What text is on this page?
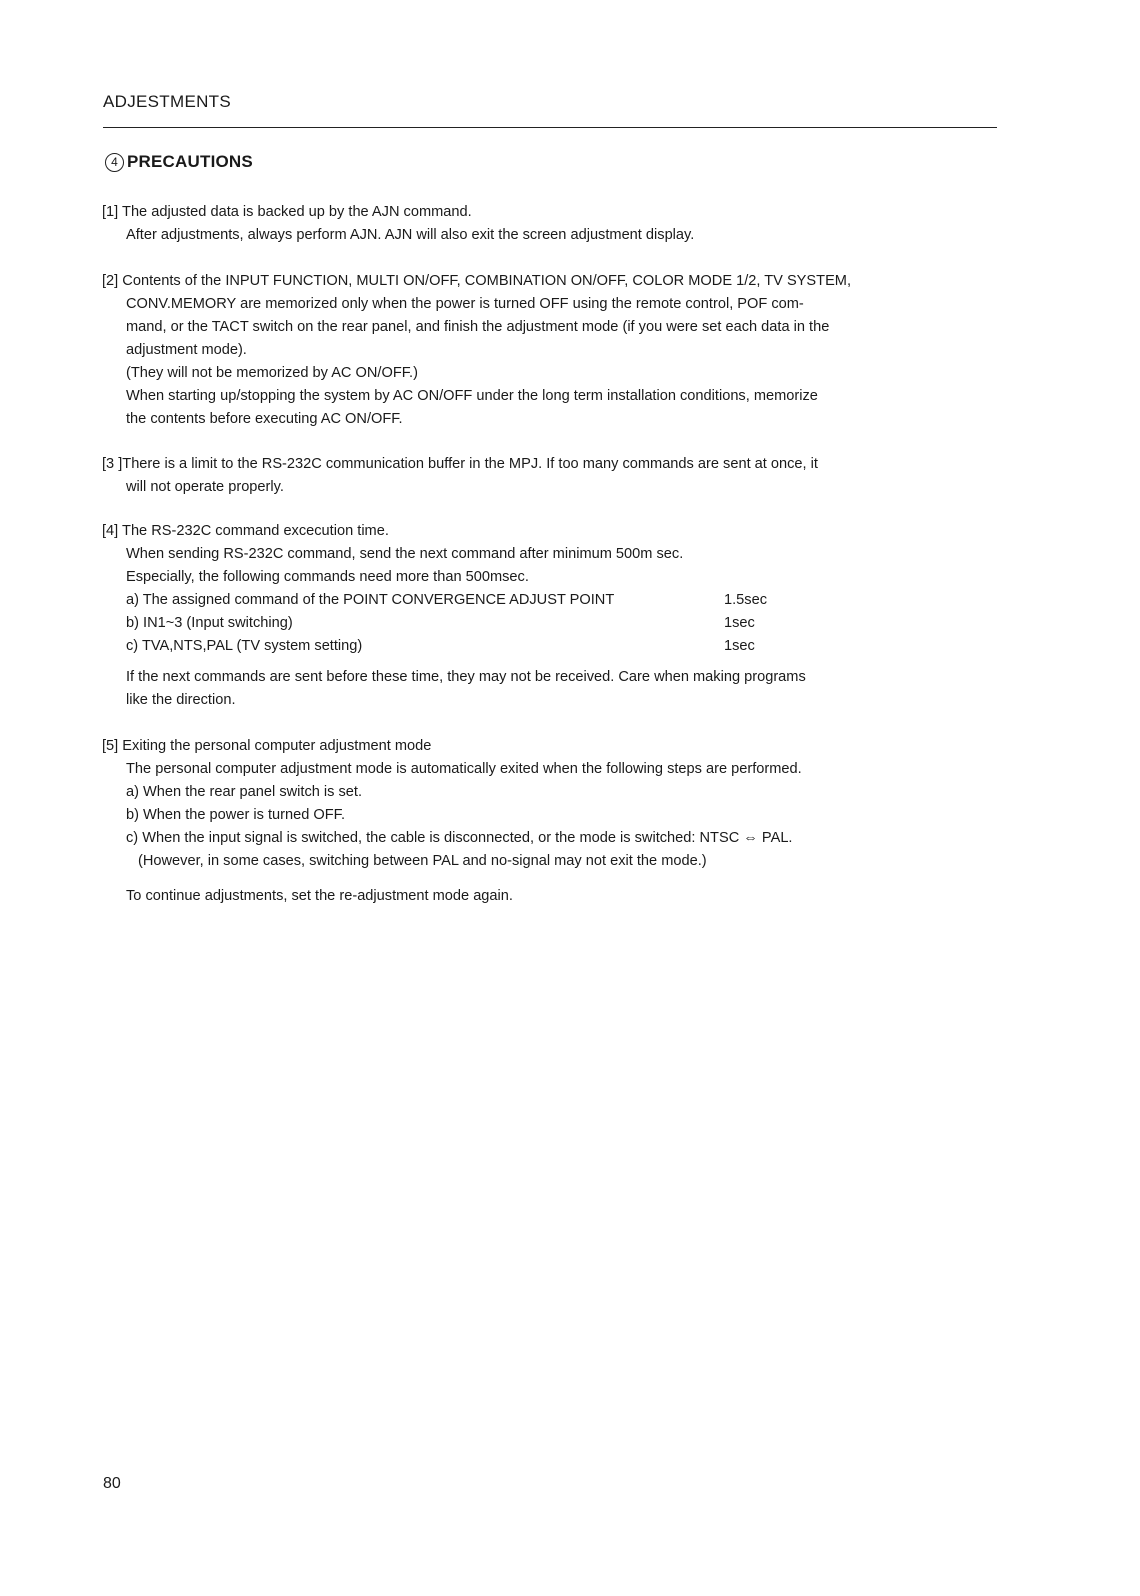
ADJESTMENTS
4 PRECAUTIONS
[1] The adjusted data is backed up by the AJN command.
After adjustments, always perform AJN. AJN will also exit the screen adjustment display.
[2] Contents of the INPUT FUNCTION, MULTI ON/OFF, COMBINATION ON/OFF, COLOR MODE 1/2, TV SYSTEM,
CONV.MEMORY are memorized only when the power is turned OFF using the remote control, POF com-
mand, or the TACT switch on the rear panel, and finish the adjustment mode (if you were set each data in the
adjustment mode).
(They will not be memorized by AC ON/OFF.)
When starting up/stopping the system by AC ON/OFF under the long term installation conditions, memorize
the contents before executing AC ON/OFF.
[3 ]There is a limit to the RS-232C communication buffer in the MPJ. If too many commands are sent at once, it
will not operate properly.
[4] The RS-232C command excecution time.
When sending RS-232C command, send the next command after minimum 500m sec.
Especially, the following commands need more than 500msec.
a) The assigned command of the POINT CONVERGENCE ADJUST POINT	1.5sec
b) IN1~3 (Input switching)	1sec
c) TVA,NTS,PAL (TV system setting)	1sec
If the next commands are sent before these time, they may not be received. Care when making programs
like the direction.
[5] Exiting the personal computer adjustment mode
The personal computer adjustment mode is automatically exited when the following steps are performed.
a) When the rear panel switch is set.
b) When the power is turned OFF.
c) When the input signal is switched, the cable is disconnected, or the mode is switched: NTSC ⇔ PAL.
(However, in some cases, switching between PAL and no-signal may not exit the mode.)
To continue adjustments, set the re-adjustment mode again.
80
